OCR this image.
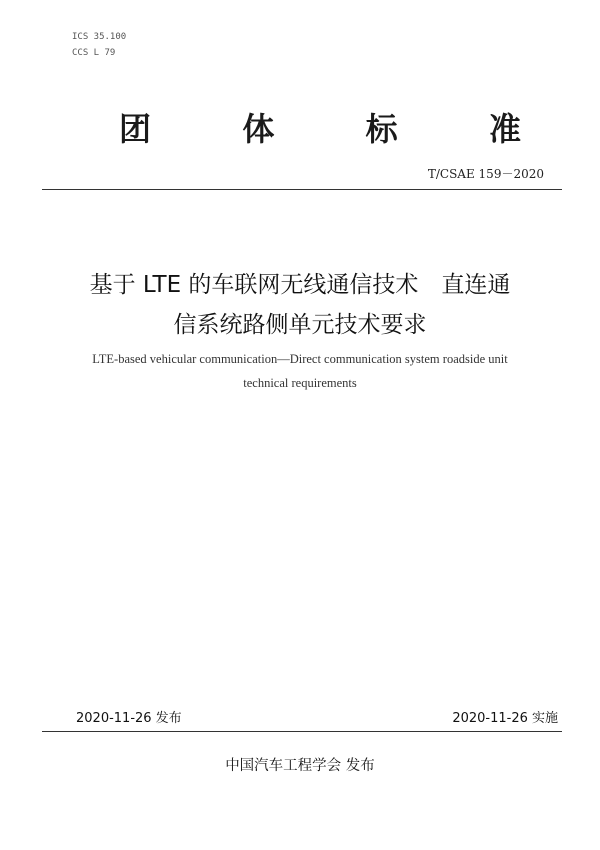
ICS 35.100
CCS L 79
团	体	标	准
T/CSAE 159－2020
基于 LTE 的车联网无线通信技术　直连通
信系统路侧单元技术要求
LTE-based vehicular communication—Direct communication system roadside unit
technical requirements
2020-11-26 发布	2020-11-26 实施
中国汽车工程学会 发布
